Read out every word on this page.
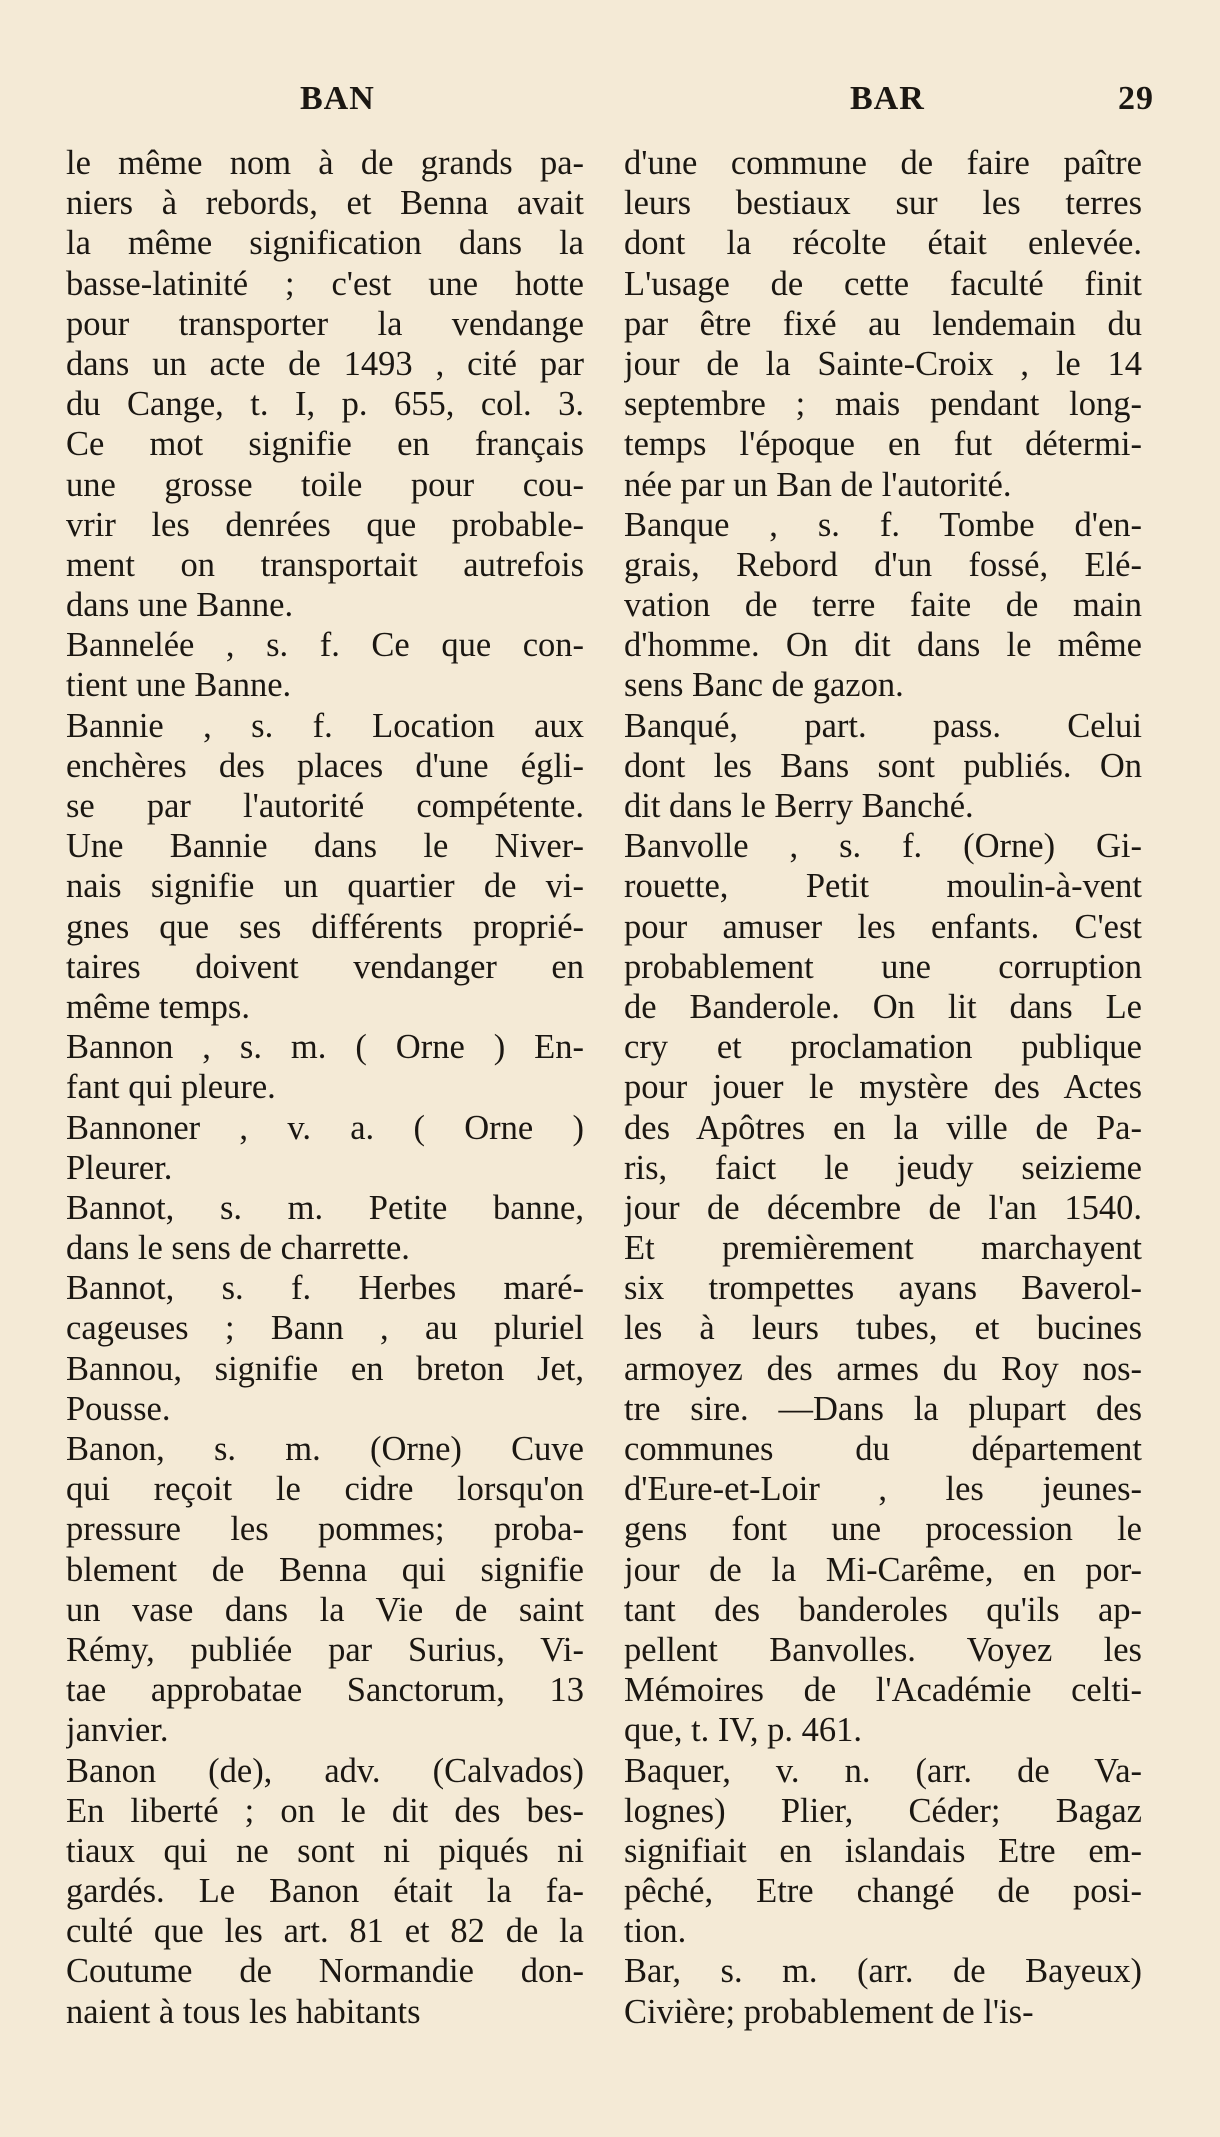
BAN	BAR	29
le même nom à de grands pa-
niers à rebords, et Benna avait
la même signification dans la
basse-latinité ; c'est une hotte
pour transporter la vendange
dans un acte de 1493 , cité par
du Cange, t. I, p. 655, col. 3.
Ce mot signifie en français
une grosse toile pour cou-
vrir les denrées que probable-
ment on transportait autrefois
dans une Banne.
Bannelée , s. f. Ce que con-
tient une Banne.
Bannie , s. f. Location aux
enchères des places d'une égli-
se par l'autorité compétente.
Une Bannie dans le Niver-
nais signifie un quartier de vi-
gnes que ses différents proprié-
taires doivent vendanger en
même temps.
Bannon , s. m. ( Orne ) En-
fant qui pleure.
Bannoner , v. a. ( Orne )
Pleurer.
Bannot, s. m. Petite banne,
dans le sens de charrette.
Bannot, s. f. Herbes maré-
cageuses ; Bann , au pluriel
Bannou, signifie en breton Jet,
Pousse.
Banon, s. m. (Orne) Cuve
qui reçoit le cidre lorsqu'on
pressure les pommes; proba-
blement de Benna qui signifie
un vase dans la Vie de saint
Rémy, publiée par Surius, Vi-
tae approbatae Sanctorum, 13
janvier.
Banon (de), adv. (Calvados)
En liberté ; on le dit des bes-
tiaux qui ne sont ni piqués ni
gardés. Le Banon était la fa-
culté que les art. 81 et 82 de la
Coutume de Normandie don-
naient à tous les habitants
d'une commune de faire paître
leurs bestiaux sur les terres
dont la récolte était enlevée.
L'usage de cette faculté finit
par être fixé au lendemain du
jour de la Sainte-Croix , le 14
septembre ; mais pendant long-
temps l'époque en fut détermi-
née par un Ban de l'autorité.
Banque , s. f. Tombe d'en-
grais, Rebord d'un fossé, Elé-
vation de terre faite de main
d'homme. On dit dans le même
sens Banc de gazon.
Banqué, part. pass. Celui
dont les Bans sont publiés. On
dit dans le Berry Banché.
Banvolle , s. f. (Orne) Gi-
rouette, Petit moulin-à-vent
pour amuser les enfants. C'est
probablement une corruption
de Banderole. On lit dans Le
cry et proclamation publique
pour jouer le mystère des Actes
des Apôtres en la ville de Pa-
ris, faict le jeudy seizieme
jour de décembre de l'an 1540.
Et premièrement marchayent
six trompettes ayans Baverol-
les à leurs tubes, et bucines
armoyez des armes du Roy nos-
tre sire. —Dans la plupart des
communes du département
d'Eure-et-Loir , les jeunes-
gens font une procession le
jour de la Mi-Carême, en por-
tant des banderoles qu'ils ap-
pellent Banvolles. Voyez les
Mémoires de l'Académie celti-
que, t. IV, p. 461.
Baquer, v. n. (arr. de Va-
lognes) Plier, Céder; Bagaz
signifiait en islandais Etre em-
pêché, Etre changé de posi-
tion.
Bar, s. m. (arr. de Bayeux)
Civière; probablement de l'is-
